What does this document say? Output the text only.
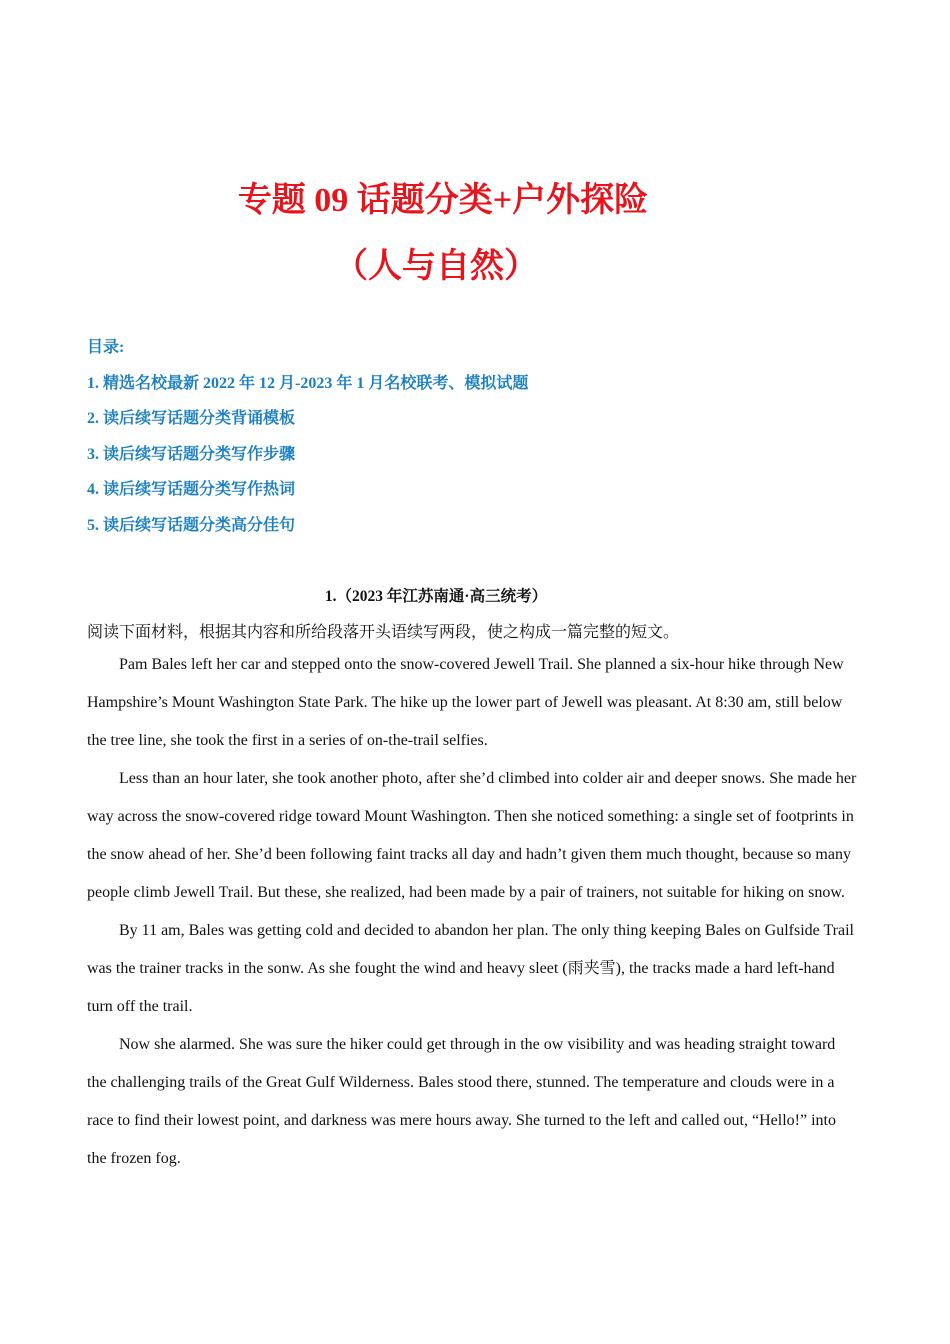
专题 09 话题分类+户外探险
（人与自然）
目录:
1. 精选名校最新 2022 年 12 月-2023 年 1 月名校联考、模拟试题
2. 读后续写话题分类背诵模板
3. 读后续写话题分类写作步骤
4. 读后续写话题分类写作热词
5. 读后续写话题分类高分佳句
1.（2023 年江苏南通·高三统考）
阅读下面材料，根据其内容和所给段落开头语续写两段，使之构成一篇完整的短文。

Pam Bales left her car and stepped onto the snow-covered Jewell Trail. She planned a six-hour hike through New Hampshire’s Mount Washington State Park. The hike up the lower part of Jewell was pleasant. At 8:30 am, still below the tree line, she took the first in a series of on-the-trail selfies.

Less than an hour later, she took another photo, after she’d climbed into colder air and deeper snows. She made her way across the snow-covered ridge toward Mount Washington. Then she noticed something: a single set of footprints in the snow ahead of her. She’d been following faint tracks all day and hadn’t given them much thought, because so many people climb Jewell Trail. But these, she realized, had been made by a pair of trainers, not suitable for hiking on snow.

By 11 am, Bales was getting cold and decided to abandon her plan. The only thing keeping Bales on Gulfside Trail was the trainer tracks in the sonw. As she fought the wind and heavy sleet (雨夹雪), the tracks made a hard left-hand turn off the trail.

Now she alarmed. She was sure the hiker could get through in the ow visibility and was heading straight toward the challenging trails of the Great Gulf Wilderness. Bales stood there, stunned. The temperature and clouds were in a race to find their lowest point, and darkness was mere hours away. She turned to the left and called out, “Hello!” into the frozen fog.
